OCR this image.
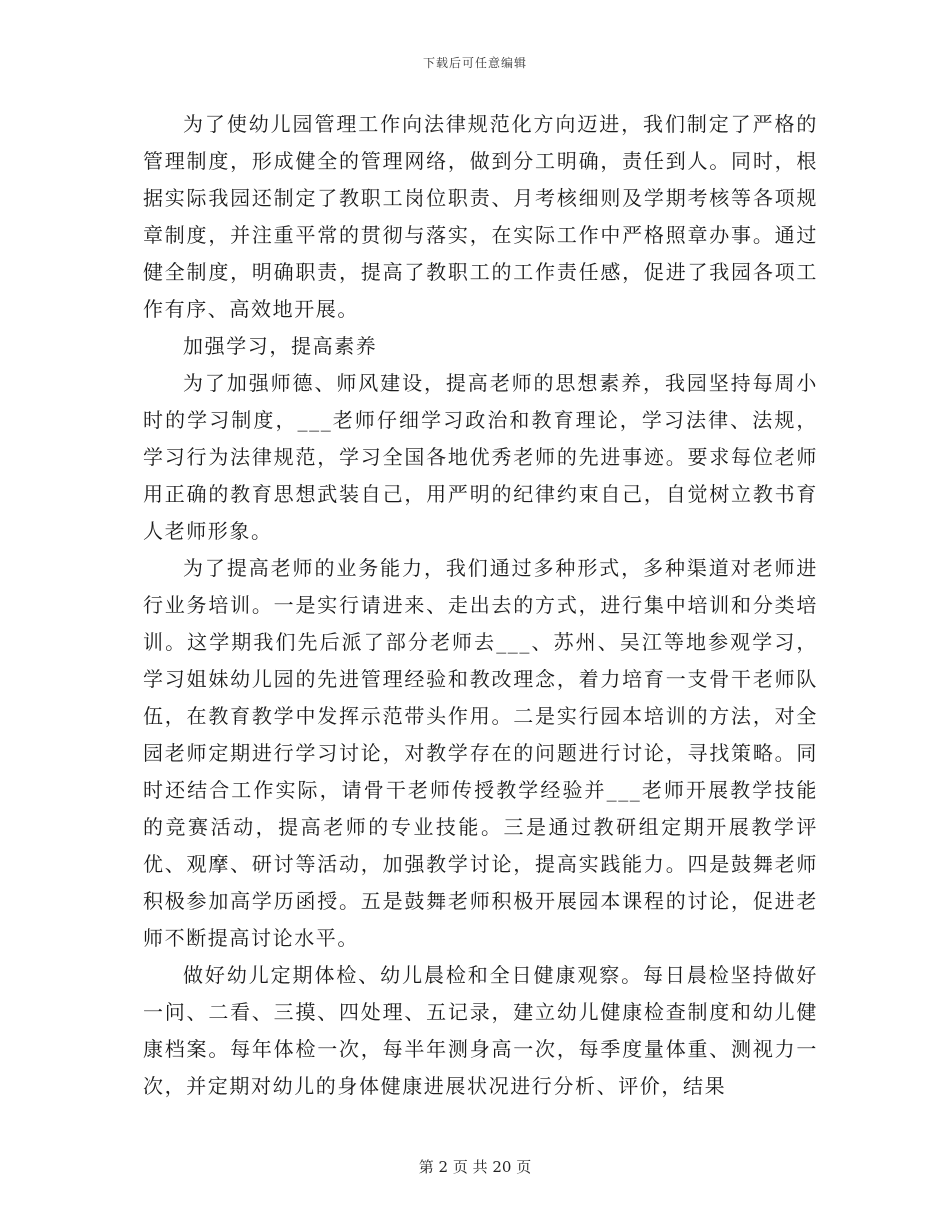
下载后可任意编辑

为了使幼儿园管理工作向法律规范化方向迈进，我们制定了严格的管理制度，形成健全的管理网络，做到分工明确，责任到人。同时，根据实际我园还制定了教职工岗位职责、月考核细则及学期考核等各项规章制度，并注重平常的贯彻与落实，在实际工作中严格照章办事。通过健全制度，明确职责，提高了教职工的工作责任感，促进了我园各项工作有序、高效地开展。

加强学习，提高素养

为了加强师德、师风建设，提高老师的思想素养，我园坚持每周小时的学习制度，___老师仔细学习政治和教育理论，学习法律、法规，学习行为法律规范，学习全国各地优秀老师的先进事迹。要求每位老师用正确的教育思想武装自己，用严明的纪律约束自己，自觉树立教书育人老师形象。

为了提高老师的业务能力，我们通过多种形式，多种渠道对老师进行业务培训。一是实行请进来、走出去的方式，进行集中培训和分类培训。这学期我们先后派了部分老师去___、苏州、吴江等地参观学习，学习姐妹幼儿园的先进管理经验和教改理念，着力培育一支骨干老师队伍，在教育教学中发挥示范带头作用。二是实行园本培训的方法，对全园老师定期进行学习讨论，对教学存在的问题进行讨论，寻找策略。同时还结合工作实际，请骨干老师传授教学经验并___老师开展教学技能的竞赛活动，提高老师的专业技能。三是通过教研组定期开展教学评优、观摩、研讨等活动，加强教学讨论，提高实践能力。四是鼓舞老师积极参加高学历函授。五是鼓舞老师积极开展园本课程的讨论，促进老师不断提高讨论水平。

做好幼儿定期体检、幼儿晨检和全日健康观察。每日晨检坚持做好一问、二看、三摸、四处理、五记录，建立幼儿健康检查制度和幼儿健康档案。每年体检一次，每半年测身高一次，每季度量体重、测视力一次，并定期对幼儿的身体健康进展状况进行分析、评价，结果

第 2 页 共 20 页
